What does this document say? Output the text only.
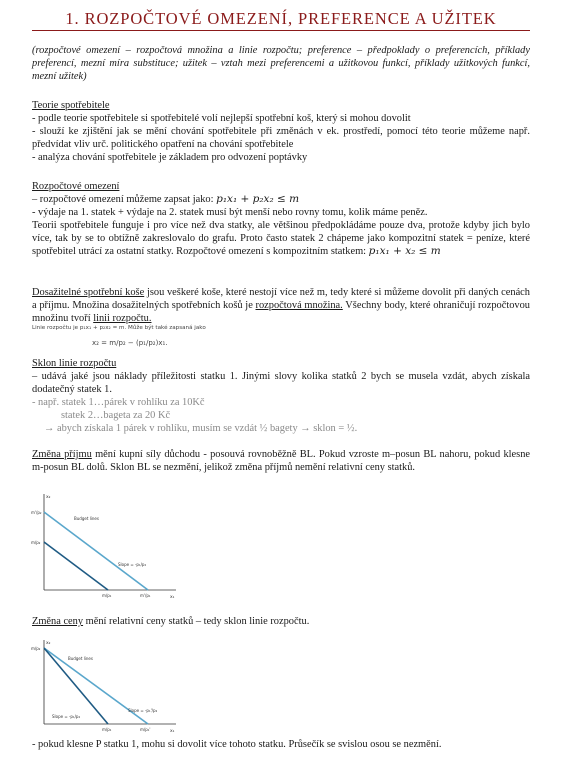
1. ROZPOČTOVÉ OMEZENÍ, PREFERENCE A UŽITEK
(rozpočtové omezení – rozpočtová množina a linie rozpočtu; preference – předpoklady o preferencích, příklady preferencí, mezní míra substituce; užitek – vztah mezi preferencemi a užitkovou funkcí, příklady užitkových funkcí, mezní užitek)
Teorie spotřebitele
- podle teorie spotřebitele si spotřebitelé volí nejlepší spotřební koš, který si mohou dovolit
- slouží ke zjištění jak se mění chování spotřebitele při změnách v ek. prostředí, pomocí této teorie můžeme např. předvídat vliv urč. politického opatření na chování spotřebitele
- analýza chování spotřebitele je základem pro odvození poptávky
Rozpočtové omezení
– rozpočtové omezení můžeme zapsat jako: p₁x₁ + p₂x₂ ≤ m
- výdaje na 1. statek + výdaje na 2. statek musí být menší nebo rovny tomu, kolik máme peněz.
Teorii spotřebitele funguje i pro více než dva statky, ale většinou předpokládáme pouze dva, protože kdyby jich bylo více, tak by se to obtížně zakreslovalo do grafu. Proto často statek 2 chápeme jako kompozitní statek = peníze, které spotřebitel utrácí za ostatní statky. Rozpočtové omezení s kompozitním statkem: p₁x₁ + x₂ ≤ m
Dosažitelné spotřební koše jsou veškeré koše, které nestojí více než m, tedy které si můžeme dovolit při daných cenách a příjmu. Množina dosažitelných spotřebních košů je rozpočtová množina. Všechny body, které ohraničují rozpočtovou množinu tvoří linii rozpočtu.
Linie rozpočtu je p₁x₁ + p₂x₂ = m. Může být také zapsaná jako
x₂ = m/p₂ − (p₁/p₂)x₁.
Sklon linie rozpočtu
– udává jaké jsou náklady příležitosti statku 1. Jinými slovy kolika statků 2 bych se musela vzdát, abych získala dodatečný statek 1.
- např. statek 1…párek v rohlíku za 10Kč
statek 2…bageta za 20 Kč
→ abych získala 1 párek v rohlíku, musím se vzdát ½ bagety → sklon = ½.
Změna příjmu mění kupní síly důchodu - posouvá rovnoběžně BL. Pokud vzroste m–posun BL nahoru, pokud klesne m-posun BL dolů. Sklon BL se nezmění, jelikož změna příjmů nemění relativní ceny statků.
x₂
x₁
m'/p₂
m/p₂
Budget lines
Slope = -p₁/p₂
m/p₁	m'/p₁
Změna ceny mění relativní ceny statků – tedy sklon linie rozpočtu.
x₂
x₁
m/p₂
Budget lines
Slope = -p₁'/p₂
Slope = -p₁/p₂
m/p₁	m/p₁'
- pokud klesne P statku 1, mohu si dovolit více tohoto statku. Průsečík se svislou osou se nezmění.
